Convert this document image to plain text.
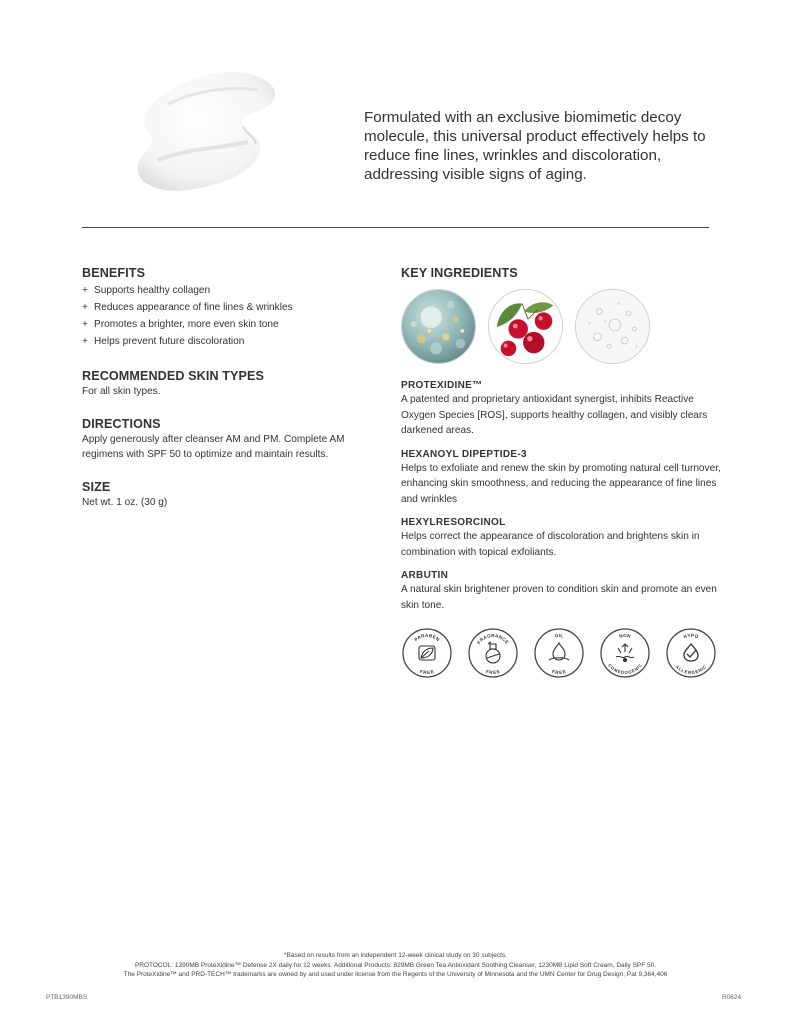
Formulated with an exclusive biomimetic decoy molecule, this universal product effectively helps to reduce fine lines, wrinkles and discoloration, addressing visible signs of aging.

BENEFITS
+ Supports healthy collagen
+ Reduces appearance of fine lines & wrinkles
+ Promotes a brighter, more even skin tone
+ Helps prevent future discoloration
RECOMMENDED SKIN TYPES
For all skin types.
DIRECTIONS
Apply generously after cleanser AM and PM. Complete AM regimens with SPF 50 to optimize and maintain results.
SIZE
Net wt. 1 oz. (30 g)
KEY INGREDIENTS
PROTEXIDINE™
A patented and proprietary antioxidant synergist, inhibits Reactive Oxygen Species [ROS], supports healthy collagen, and visibly clears darkened areas.
HEXANOYL DIPEPTIDE-3
Helps to exfoliate and renew the skin by promoting natural cell turnover, enhancing skin smoothness, and reducing the appearance of fine lines and wrinkles
HEXYLRESORCINOL
Helps correct the appearance of discoloration and brightens skin in combination with topical exfoliants.
ARBUTIN
A natural skin brightener proven to condition skin and promote an even skin tone.
PARABEN
FREE
FRAGRANCE
FREE
OIL
FREE
NON
COMEDOGENIC
HYPO
ALLERGENIC
*Based on results from an independent 12-week clinical study on 30 subjects.
PROTOCOL: 1390MB ProteXidine™ Defense 2X daily for 12 weeks. Additional Products: 829MB Green Tea Antioxidant Soothing Cleanser, 1230MB Lipid Soft Cream, Daily SPF 50.
The ProteXidine™ and PRD-TECH™ trademarks are owned by and used under license from the Regents of the University of Minnesota and the UMN Center for Drug Design, Pat 9,364,406
PTB1390MBS	R0624
